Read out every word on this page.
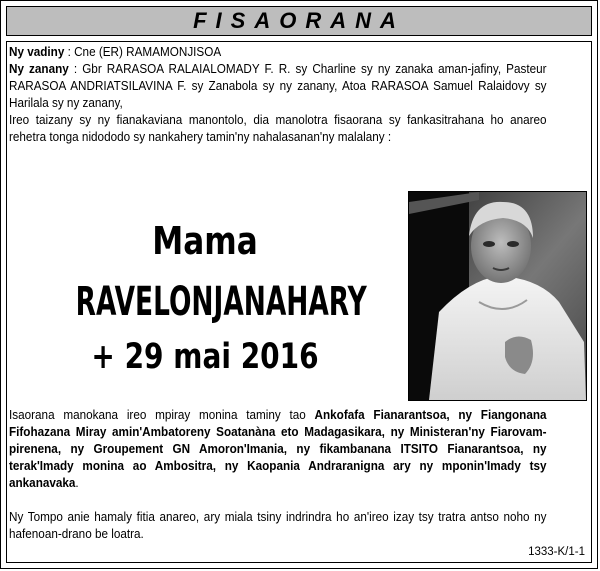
FISAORANA
Ny vadiny : Cne (ER) RAMAMONJISOA
Ny zanany : Gbr RARASOA RALAIALOMADY F. R. sy Charline sy ny zanaka aman-jafiny, Pasteur RARASOA ANDRIATSILAVINA F. sy Zanabola sy ny zanany, Atoa RARASOA Samuel Ralaidovy sy Harilala sy ny zanany,
Ireo taizany sy ny fianakaviana manontolo, dia manolotra fisaorana sy fankasitrahana ho anareo rehetra tonga nidododo sy nankahery tamin'ny nahalasanan'ny malalany :
Mama
RAVELONJANAHARY
+ 29 mai 2016
Isaorana manokana ireo mpiray monina taminy tao Ankofafa Fianarantsoa, ny Fiangonana Fifohazana Miray amin'Ambatoreny Soatanàna eto Madagasikara, ny Ministeran'ny Fiarovam-pirenena, ny Groupement GN Amoron'Imania, ny fikambanana ITSITO Fianarantsoa, ny terak'Imady monina ao Ambositra, ny Kaopania Andraranigna ary ny mponin'Imady tsy ankanavaka.
Ny Tompo anie hamaly fitia anareo, ary miala tsiny indrindra ho an'ireo izay tsy tratra antso noho ny hafenoan-drano be loatra.
1333-K/1-1
